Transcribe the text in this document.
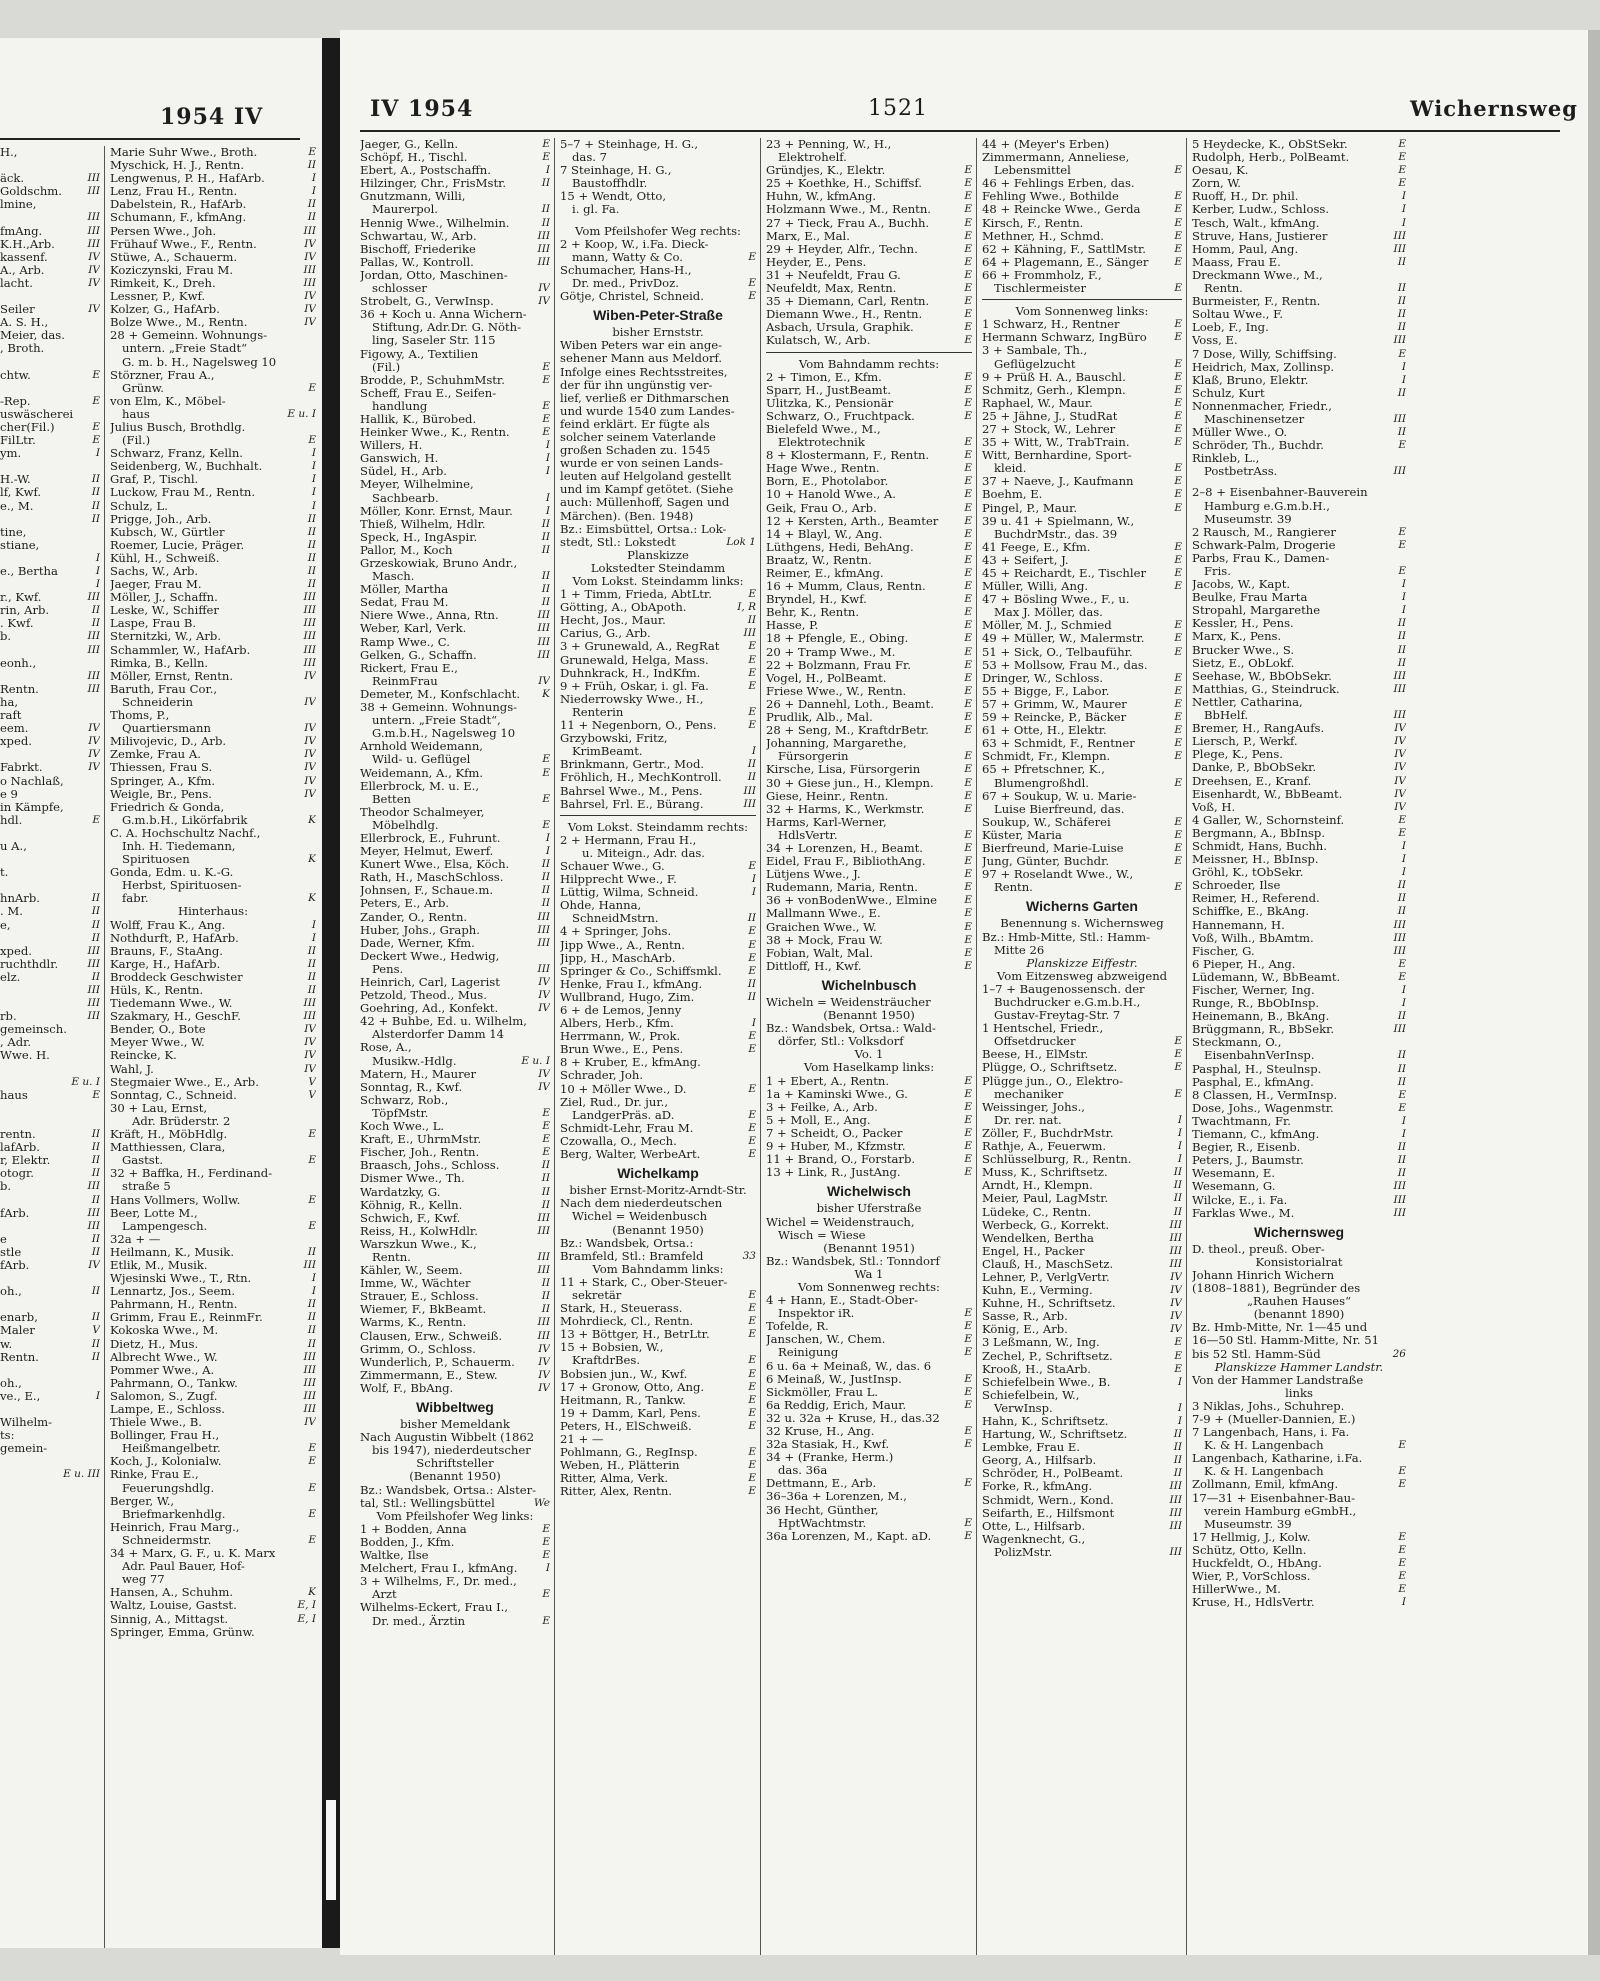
1954 IV
H.,
äck.	III
Goldschm. III
lmine,
III
fmAng.	III
K.H.,Arb.	III
kassenf.	IV
A., Arb.	IV
lacht.	IV
Seiler	IV
A. S. H.,
Meier, das.
, Broth.
chtw.	E
-Rep.	E
uswäscherei
cher(Fil.)	E
FilLtr.	E
ym.	I
H.-W.	II
lf, Kwf.	II
e., M.	II
II
tine,
stiane,
I
e., Bertha	I
I
r., Kwf.	III
rin, Arb.	II
. Kwf.	II
b.	III
III
eonh.,
III
Rentn.	III
ha,
raft
eem.	IV
xped.	IV
IV
Fabrkt.	IV
o Nachlaß,
e 9
in Kämpfe,
hdl.	E
u A.,
t.
hnArb.	II
. M.	II
e,	II
II
xped.	III
ruchthdlr.	III
elz.	II
III
III
rb.	III
gemeinsch.
, Adr.
Wwe. H.
E u. I
haus	E
rentn.	II
lafArb.	II
r, Elektr.	II
otogr.	II
b.	III
II
fArb.	III
III
e	II
stle	II
fArb.	IV
oh.,	II
enarb,	II
Maler	V
w.	II
Rentn.	II
oh.,
ve., E.,	I
Wilhelm-
ts:
gemein-
E u. III
Marie Suhr Wwe., Broth.	E
Myschick, H. J., Rentn.	II
Lengwenus, P. H., HafArb.	I
Lenz, Frau H., Rentn.	I
Dabelstein, R., HafArb.	II
Schumann, F., kfmAng.	II
Persen Wwe., Joh.	III
Frühauf Wwe., F., Rentn.	IV
Stüwe, A., Schauerm.	IV
Koziczynski, Frau M.	III
Rimkeit, K., Dreh.	III
Lessner, P., Kwf.	IV
Kolzer, G., HafArb.	IV
Bolze Wwe., M., Rentn.	IV
28 + Gemeinn. Wohnungs-
untern. „Freie Stadt“
G. m. b. H., Nagelsweg 10
Störzner, Frau A.,
Grünw.	E
von Elm, K., Möbel-
haus	E u. I
Julius Busch, Brothdlg.
(Fil.)	E
Schwarz, Franz, Kelln.	I
Seidenberg, W., Buchhalt.	I
Graf, P., Tischl.	I
Luckow, Frau M., Rentn.	I
Schulz, L.	I
Prigge, Joh., Arb.	II
Kubsch, W., Gürtler	II
Roemer, Lucie, Präger.	II
Kühl, H., Schweiß.	II
Sachs, W., Arb.	II
Jaeger, Frau M.	II
Möller, J., Schaffn.	III
Leske, W., Schiffer	III
Laspe, Frau B.	III
Sternitzki, W., Arb.	III
Schammler, W., HafArb.	III
Rimka, B., Kelln.	III
Möller, Ernst, Rentn.	IV
Baruth, Frau Cor.,
Schneiderin	IV
Thoms, P.,
Quartiersmann	IV
Milivojevic, D., Arb.	IV
Zemke, Frau A.	IV
Thiessen, Frau S.	IV
Springer, A., Kfm.	IV
Weigle, Br., Pens.	IV
Friedrich & Gonda,
G.m.b.H., Likörfabrik	K
C. A. Hochschultz Nachf.,
Inh. H. Tiedemann,
Spirituosen	K
Gonda, Edm. u. K.-G.
Herbst, Spirituosen-
fabr.	K
Hinterhaus:
Wolff, Frau K., Ang.	I
Nothdurft, P., HafArb.	I
Brauns, F., StaAng.	II
Karge, H., HafArb.	II
Broddeck Geschwister	II
Hüls, K., Rentn.	II
Tiedemann Wwe., W.	III
Szakmary, H., GeschF.	III
Bender, O., Bote	IV
Meyer Wwe., W.	IV
Reincke, K.	IV
Wahl, J.	IV
Stegmaier Wwe., E., Arb.	V
Sonntag, C., Schneid.	V
30 + Lau, Ernst,
Adr. Brüderstr. 2
Kräft, H., MöbHdlg.	E
Matthiessen, Clara,
Gastst.	E
32 + Baffka, H., Ferdinand-
straße 5
Hans Vollmers, Wollw.	E
Beer, Lotte M.,
Lampengesch.	E
32a + —
Heilmann, K., Musik.	II
Etlik, M., Musik.	III
Wjesinski Wwe., T., Rtn.	I
Lennartz, Jos., Seem.	I
Pahrmann, H., Rentn.	II
Grimm, Frau E., ReinmFr.	II
Kokoska Wwe., M.	II
Dietz, H., Mus.	II
Albrecht Wwe., W.	III
Pommer Wwe., A.	III
Pahrmann, O., Tankw.	III
Salomon, S., Zugf.	III
Lampe, E., Schloss.	III
Thiele Wwe., B.	IV
Bollinger, Frau H.,
Heißmangelbetr.	E
Koch, J., Kolonialw.	E
Rinke, Frau E.,
Feuerungshdlg.	E
Berger, W.,
Briefmarkenhdlg.	E
Heinrich, Frau Marg.,
Schneidermstr.	E
34 + Marx, G. F., u. K. Marx
Adr. Paul Bauer, Hof-
weg 77
Hansen, A., Schuhm.	K
Waltz, Louise, Gastst.	E, I
Sinnig, A., Mittagst.	E, I
Springer, Emma, Grünw.
IV 1954	1521	Wichernsweg
Jaeger, G., Kelln.	E
Schöpf, H., Tischl.	E
Ebert, A., Postschaffn.	I
Hilzinger, Chr., FrisMstr.	II
Gnutzmann, Willi,
Maurerpol.	II
Hennig Wwe., Wilhelmin.	II
Schwartau, W., Arb.	III
Bischoff, Friederike	III
Pallas, W., Kontroll.	III
Jordan, Otto, Maschinen-
schlosser	IV
Strobelt, G., VerwInsp.	IV
36 + Koch u. Anna Wichern-
Stiftung, Adr.Dr. G. Nöth-
ling, Saseler Str. 115
Figowy, A., Textilien
(Fil.)	E
Brodde, P., SchuhmMstr.	E
Scheff, Frau E., Seifen-
handlung	E
Hallik, K., Bürobed.	E
Heinker Wwe., K., Rentn.	E
Willers, H.	I
Ganswich, H.	I
Südel, H., Arb.	I
Meyer, Wilhelmine,
Sachbearb.	I
Möller, Konr. Ernst, Maur.	I
Thieß, Wilhelm, Hdlr.	II
Speck, H., IngAspir.	II
Pallor, M., Koch	II
Grzeskowiak, Bruno Andr.,
Masch.	II
Möller, Martha	II
Sedat, Frau M.	II
Niere Wwe., Anna, Rtn.	III
Weber, Karl, Verk.	III
Ramp Wwe., C.	III
Gelken, G., Schaffn.	III
Rickert, Frau E.,
ReinmFrau	IV
Demeter, M., Konfschlacht. K
38 + Gemeinn. Wohnungs-
untern. „Freie Stadt“,
G.m.b.H., Nagelsweg 10
Arnhold Weidemann,
Wild- u. Geflügel	E
Weidemann, A., Kfm.	E
Ellerbrock, M. u. E.,
Betten	E
Theodor Schalmeyer,
Möbelhdlg.	E
Ellerbrock, E., Fuhrunt.	I
Meyer, Helmut, Ewerf.	I
Kunert Wwe., Elsa, Köch.	II
Rath, H., MaschSchloss.	II
Johnsen, F., Schaue.m.	II
Peters, E., Arb.	II
Zander, O., Rentn.	III
Huber, Johs., Graph.	III
Dade, Werner, Kfm.	III
Deckert Wwe., Hedwig,
Pens.	III
Heinrich, Carl, Lagerist	IV
Petzold, Theod., Mus.	IV
Goehring, Ad., Konfekt.	IV
42 + Buhbe, Ed. u. Wilhelm,
Alsterdorfer Damm 14
Rose, A.,
Musikw.-Hdlg.	E u. I
Matern, H., Maurer	IV
Sonntag, R., Kwf.	IV
Schwarz, Rob.,
TöpfMstr.	E
Koch Wwe., L.	E
Kraft, E., UhrmMstr.	E
Fischer, Joh., Rentn.	E
Braasch, Johs., Schloss.	II
Dismer Wwe., Th.	II
Wardatzky, G.	II
Köhnig, R., Kelln.	II
Schwich, F., Kwf.	III
Reiss, H., KolwHdlr.	III
Warszkun Wwe., K.,
Rentn.	III
Kähler, W., Seem.	III
Imme, W., Wächter	II
Strauer, E., Schloss.	II
Wiemer, F., BkBeamt.	II
Warms, K., Rentn.	III
Clausen, Erw., Schweiß.	III
Grimm, O., Schloss.	IV
Wunderlich, P., Schauerm. IV
Zimmermann, E., Stew.	IV
Wolf, F., BbAng.	IV
Wibbeltweg
bisher Memeldank
Nach Augustin Wibbelt (1862
bis 1947), niederdeutscher
Schriftsteller
(Benannt 1950)
Bz.: Wandsbek, Ortsa.: Alster-
tal, Stl.: Wellingsbüttel	We
Vom Pfeilshofer Weg links:
1 + Bodden, Anna	E
Bodden, J., Kfm.	E
Waltke, Ilse	E
Melchert, Frau I., kfmAng.	I
3 + Wilhelms, F., Dr. med.,
Arzt	E
Wilhelms-Eckert, Frau I.,
Dr. med., Ärztin	E
5–7 + Steinhage, H. G.,
das. 7
7 Steinhage, H. G.,
Baustoffhdlr.
15 + Wendt, Otto,
i. gl. Fa.
Vom Pfeilshofer Weg rechts:
2 + Koop, W., i.Fa. Dieck-
mann, Watty & Co.	E
Schumacher, Hans-H.,
Dr. med., PrivDoz.	E
Götje, Christel, Schneid.	E
Wiben-Peter-Straße
bisher Ernststr.
Wiben Peters war ein ange-
sehener Mann aus Meldorf.
Infolge eines Rechtsstreites,
der für ihn ungünstig ver-
lief, verließ er Dithmarschen
und wurde 1540 zum Landes-
feind erklärt. Er fügte als
solcher seinem Vaterlande
großen Schaden zu. 1545
wurde er von seinen Lands-
leuten auf Helgoland gestellt
und im Kampf getötet. (Siehe
auch: Müllenhoff, Sagen und
Märchen). (Ben. 1948)
Bz.: Eimsbüttel, Ortsa.: Lok-
stedt, Stl.: Lokstedt	Lok 1
Planskizze
Lokstedter Steindamm
Vom Lokst. Steindamm links:
1 + Timm, Frieda, AbtLtr.	E
Götting, A., ObApoth.	I, R
Hecht, Jos., Maur.	II
Carius, G., Arb.	III
3 + Grunewald, A., RegRat	E
Grunewald, Helga, Mass.	E
Duhnkrack, H., IndKfm.	E
9 + Früh, Oskar, i. gl. Fa.	E
Niederrowsky Wwe., H.,
Renterin	E
11 + Negenborn, O., Pens.	E
Grzybowski, Fritz,
KrimBeamt.	I
Brinkmann, Gertr., Mod.	II
Fröhlich, H., MechKontroll. II
Bahrsel Wwe., M., Pens.	III
Bahrsel, Frl. E., Bürang.	III
Vom Lokst. Steindamm rechts:
2 + Hermann, Frau H.,
u. Miteign., Adr. das.
Schauer Wwe., G.	E
Hilpprecht Wwe., F.	I
Lüttig, Wilma, Schneid.	I
Ohde, Hanna,
SchneidMstrn.	II
4 + Springer, Johs.	E
Jipp Wwe., A., Rentn.	E
Jipp, H., MaschArb.	E
Springer & Co., Schiffsmkl.	E
Henke, Frau I., kfmAng.	II
Wullbrand, Hugo, Zim.	II
6 + de Lemos, Jenny
Albers, Herb., Kfm.	I
Herrmann, W., Prok.	E
Brun Wwe., E., Pens.	E
8 + Kruber, E., kfmAng.
Schrader, Joh.
10 + Möller Wwe., D.	E
Ziel, Rud., Dr. jur.,
LandgerPräs. aD.	E
Schmidt-Lehr, Frau M.	E
Czowalla, O., Mech.	E
Berg, Walter, WerbeArt.	E
Wichelkamp
bisher Ernst-Moritz-Arndt-Str.
Nach dem niederdeutschen
Wichel = Weidenbusch
(Benannt 1950)
Bz.: Wandsbek, Ortsa.:
Bramfeld, Stl.: Bramfeld	33
Vom Bahndamm links:
11 + Stark, C., Ober-Steuer-
sekretär	E
Stark, H., Steuerass.	E
Mohrdieck, Cl., Rentn.	E
13 + Böttger, H., BetrLtr.	E
15 + Bobsien, W.,
KraftdrBes.	E
Bobsien jun., W., Kwf.	E
17 + Gronow, Otto, Ang.	E
Heitmann, R., Tankw.	E
19 + Damm, Karl, Pens.	E
Peters, H., ElSchweiß.	E
21 + —
Pohlmann, G., RegInsp.	E
Weben, H., Plätterin	E
Ritter, Alma, Verk.	E
Ritter, Alex, Rentn.	E
23 + Penning, W., H.,
Elektrohelf.
Gründjes, K., Elektr.	E
25 + Koethke, H., Schiffsf.	E
Huhn, W., kfmAng.	E
Holzmann Wwe., M., Rentn.	E
27 + Tieck, Frau A., Buchh.	E
Marx, E., Mal.	E
29 + Heyder, Alfr., Techn.	E
Heyder, E., Pens.	E
31 + Neufeldt, Frau G.	E
Neufeldt, Max, Rentn.	E
35 + Diemann, Carl, Rentn.	E
Diemann Wwe., H., Rentn.	E
Asbach, Ursula, Graphik.	E
Kulatsch, W., Arb.	E
Vom Bahndamm rechts:
2 + Timon, E., Kfm.	E
Sparr, H., JustBeamt.	E
Ulitzka, K., Pensionär	E
Schwarz, O., Fruchtpack.	E
Bielefeld Wwe., M.,
Elektrotechnik	E
8 + Klostermann, F., Rentn.	E
Hage Wwe., Rentn.	E
Born, E., Photolabor.	E
10 + Hanold Wwe., A.	E
Geik, Frau O., Arb.	E
12 + Kersten, Arth., Beamter E
14 + Blayl, W., Ang.	E
Lüthgens, Hedi, BehAng.	E
Braatz, W., Rentn.	E
Reimer, E., kfmAng.	E
16 + Mumm, Claus, Rentn.	E
Bryndel, H., Kwf.	E
Behr, K., Rentn.	E
Hasse, P.	E
18 + Pfengle, E., Obing.	E
20 + Tramp Wwe., M.	E
22 + Bolzmann, Frau Fr.	E
Vogel, H., PolBeamt.	E
Friese Wwe., W., Rentn.	E
26 + Dannehl, Loth., Beamt.	E
Prudlik, Alb., Mal.	E
28 + Seng, M., KraftdrBetr.	E
Johanning, Margarethe,
Fürsorgerin	E
Kirsche, Lisa, Fürsorgerin	E
30 + Giese jun., H., Klempn.	E
Giese, Heinr., Rentn.	E
32 + Harms, K., Werkmstr.	E
Harms, Karl-Werner,
HdlsVertr.	E
34 + Lorenzen, H., Beamt.	E
Eidel, Frau F., BibliothAng.	E
Lütjens Wwe., J.	E
Rudemann, Maria, Rentn.	E
36 + vonBodenWwe., Elmine	E
Mallmann Wwe., E.	E
Graichen Wwe., W.	E
38 + Mock, Frau W.	E
Fobian, Walt, Mal.	E
Dittloff, H., Kwf.	E
Wichelnbusch
Wicheln = Weidensträucher
(Benannt 1950)
Bz.: Wandsbek, Ortsa.: Wald-
dörfer, Stl.: Volksdorf
Vo. 1
Vom Haselkamp links:
1 + Ebert, A., Rentn.	E
1a + Kaminski Wwe., G.	E
3 + Feilke, A., Arb.	E
5 + Moll, E., Ang.	E
7 + Scheidt, O., Packer	E
9 + Huber, M., Kfzmstr.	E
11 + Brand, O., Forstarb.	E
13 + Link, R., JustAng.	E
Wichelwisch
bisher Uferstraße
Wichel = Weidenstrauch,
Wisch = Wiese
(Benannt 1951)
Bz.: Wandsbek, Stl.: Tonndorf
Wa 1
Vom Sonnenweg rechts:
4 + Hann, E., Stadt-Ober-
Inspektor iR.	E
Tofelde, R.	E
Janschen, W., Chem.	E
Reinigung	E
6 u. 6a + Meinaß, W., das. 6
6 Meinaß, W., JustInsp.	E
Sickmöller, Frau L.	E
6a Reddig, Erich, Maur.	E
32 u. 32a + Kruse, H., das.32
32 Kruse, H., Ang.	E
32a Stasiak, H., Kwf.	E
34 + (Franke, Herm.)
das. 36a
Dettmann, E., Arb.	E
36–36a + Lorenzen, M.,
36 Hecht, Günther,
HptWachtmstr.	E
36a Lorenzen, M., Kapt. aD.	E
44 + (Meyer's Erben)
Zimmermann, Anneliese,
Lebensmittel	E
46 + Fehlings Erben, das.
Fehling Wwe., Bothilde	E
48 + Reincke Wwe., Gerda	E
Kirsch, F., Rentn.	E
Methner, H., Schmd.	E
62 + Kähning, F., SattlMstr.	E
64 + Plagemann, E., Sänger E
66 + Frommholz, F.,
Tischlermeister	E
Vom Sonnenweg links:
1 Schwarz, H., Rentner	E
Hermann Schwarz, IngBüro	E
3 + Sambale, Th.,
Geflügelzucht	E
9 + Prüß H. A., Bauschl.	E
Schmitz, Gerh., Klempn.	E
Raphael, W., Maur.	E
25 + Jähne, J., StudRat	E
27 + Stock, W., Lehrer	E
35 + Witt, W., TrabTrain.	E
Witt, Bernhardine, Sport-
kleid.	E
37 + Naeve, J., Kaufmann	E
Boehm, E.	E
Pingel, P., Maur.	E
39 u. 41 + Spielmann, W.,
BuchdrMstr., das. 39
41 Feege, E., Kfm.	E
43 + Seifert, J.	E
45 + Reichardt, E., Tischler	E
Müller, Willi, Ang.	E
47 + Bösling Wwe., F., u.
Max J. Möller, das.
Möller, M. J., Schmied	E
49 + Müller, W., Malermstr.	E
51 + Sick, O., Telbauführ.	E
53 + Mollsow, Frau M., das.
Dringer, W., Schloss.	E
55 + Bigge, F., Labor.	E
57 + Grimm, W., Maurer	E
59 + Reincke, P., Bäcker	E
61 + Otte, H., Elektr.	E
63 + Schmidt, F., Rentner	E
Schmidt, Fr., Klempn.	E
65 + Pfretschner, K.,
Blumengroßhdl.	E
67 + Soukup, W. u. Marie-
Luise Bierfreund, das.
Soukup, W., Schäferei	E
Küster, Maria	E
Bierfreund, Marie-Luise	E
Jung, Günter, Buchdr.	E
97 + Roselandt Wwe., W.,
Rentn.	E
Wicherns Garten
Benennung s. Wichernsweg
Bz.: Hmb-Mitte, Stl.: Hamm-
Mitte 26
Planskizze Eiffestr.
Vom Eitzensweg abzweigend
1–7 + Baugenossensch. der
Buchdrucker e.G.m.b.H.,
Gustav-Freytag-Str. 7
1 Hentschel, Friedr.,
Offsetdrucker	E
Beese, H., ElMstr.	E
Plügge, O., Schriftsetz.	E
Plügge jun., O., Elektro-
mechaniker	E
Weissinger, Johs.,
Dr. rer. nat.	I
Zöller, F., BuchdrMstr.	I
Rathje, A., Feuerwm.	I
Schlüsselburg, R., Rentn.	I
Muss, K., Schriftsetz.	II
Arndt, H., Klempn.	II
Meier, Paul, LagMstr.	II
Lüdeke, C., Rentn.	II
Werbeck, G., Korrekt.	III
Wendelken, Bertha	III
Engel, H., Packer	III
Clauß, H., MaschSetz.	III
Lehner, P., VerlgVertr.	IV
Kuhn, E., Verming.	IV
Kuhne, H., Schriftsetz.	IV
Sasse, R., Arb.	IV
König, E., Arb.	IV
3 Leßmann, W., Ing.	E
Zechel, P., Schriftsetz.	E
Krooß, H., StaArb.	E
Schiefelbein Wwe., B.	I
Schiefelbein, W.,
VerwInsp.	I
Hahn, K., Schriftsetz.	I
Hartung, W., Schriftsetz.	II
Lembke, Frau E.	II
Georg, A., Hilfsarb.	II
Schröder, H., PolBeamt.	II
Forke, R., kfmAng.	III
Schmidt, Wern., Kond.	III
Seifarth, E., Hilfsmont	III
Otte, L., Hilfsarb.	III
Wagenknecht, G.,
PolizMstr.	III
5 Heydecke, K., ObStSekr.	E
Rudolph, Herb., PolBeamt.	E
Oesau, K.	E
Zorn, W.	E
Ruoff, H., Dr. phil.	I
Kerber, Ludw., Schloss.	I
Tesch, Walt., kfmAng.	I
Struve, Hans, Justierer	III
Homm, Paul, Ang.	III
Maass, Frau E.	II
Dreckmann Wwe., M.,
Rentn.	II
Burmeister, F., Rentn.	II
Soltau Wwe., F.	II
Loeb, F., Ing.	II
Voss, E.	III
7 Dose, Willy, Schiffsing.	E
Heidrich, Max, Zollinsp.	I
Klaß, Bruno, Elektr.	I
Schulz, Kurt	II
Nonnenmacher, Friedr.,
Maschinensetzer	III
Müller Wwe., O.	II
Schröder, Th., Buchdr.	E
Rinkleb, L.,
PostbetrAss.	III
2–8 + Eisenbahner-Bauverein
Hamburg e.G.m.b.H.,
Museumstr. 39
2 Rausch, M., Rangierer	E
Schwark-Palm, Drogerie	E
Parbs, Frau K., Damen-
Fris.	E
Jacobs, W., Kapt.	I
Beulke, Frau Marta	I
Stropahl, Margarethe	I
Kessler, H., Pens.	II
Marx, K., Pens.	II
Brucker Wwe., S.	II
Sietz, E., ObLokf.	II
Seehase, W., BbObSekr.	III
Matthias, G., Steindruck.	III
Nettler, Catharina,
BbHelf.	III
Bremer, H., RangAufs.	IV
Liersch, P., Werkf.	IV
Plege, K., Pens.	IV
Danke, P., BbObSekr.	IV
Dreehsen, E., Kranf.	IV
Eisenhardt, W., BbBeamt.	IV
Voß, H.	IV
4 Galler, W., Schornsteinf.	E
Bergmann, A., BbInsp.	E
Schmidt, Hans, Buchh.	I
Meissner, H., BbInsp.	I
Gröhl, K., tObSekr.	I
Schroeder, Ilse	II
Reimer, H., Referend.	II
Schiffke, E., BkAng.	II
Hannemann, H.	III
Voß, Wilh., BbAmtm.	III
Fischer, G.	III
6 Pieper, H., Ang.	E
Lüdemann, W., BbBeamt.	E
Fischer, Werner, Ing.	I
Runge, R., BbObInsp.	I
Heinemann, B., BkAng.	II
Brüggmann, R., BbSekr.	III
Steckmann, O.,
EisenbahnVerInsp.	II
Pasphal, H., Steulnsp.	II
Pasphal, E., kfmAng.	II
8 Classen, H., VermInsp.	E
Dose, Johs., Wagenmstr.	E
Twachtmann, Fr.	I
Tiemann, C., kfmAng.	I
Begier, R., Eisenb.	II
Peters, J., Baumstr.	II
Wesemann, E.	II
Wesemann, G.	III
Wilcke, E., i. Fa.	III
Farklas Wwe., M.	III
Wichernsweg
D. theol., preuß. Ober-
Konsistorialrat
Johann Hinrich Wichern
(1808–1881), Begründer des
„Rauhen Hauses“
(benannt 1890)
Bz. Hmb-Mitte, Nr. 1—45 und
16—50 Stl. Hamm-Mitte, Nr. 51
bis 52 Stl. Hamm-Süd	26
Planskizze Hammer Landstr.
Von der Hammer Landstraße
links
3 Niklas, Johs., Schuhrep.
7-9 + (Mueller-Dannien, E.)
7 Langenbach, Hans, i. Fa.
K. & H. Langenbach	E
Langenbach, Katharine, i.Fa.
K. & H. Langenbach	E
Zollmann, Emil, kfmAng.	E
17—31 + Eisenbahner-Bau-
verein Hamburg eGmbH.,
Museumstr. 39
17 Hellmig, J., Kolw.	E
Schütz, Otto, Kelln.	E
Huckfeldt, O., HbAng.	E
Wier, P., VorSchloss.	E
HillerWwe., M.	E
Kruse, H., HdlsVertr.	I
